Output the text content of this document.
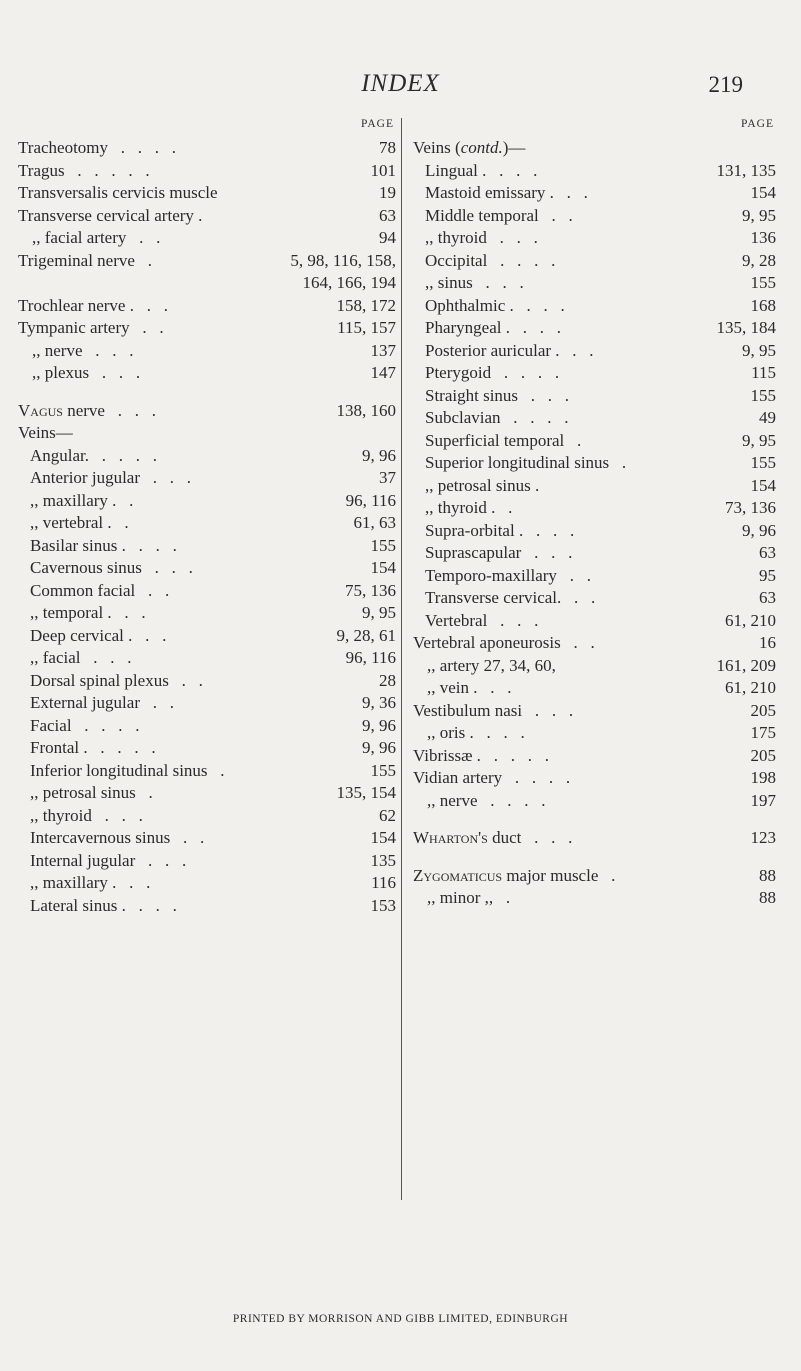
INDEX	219
PAGE
Tracheotomy   .   .   .   .	78
Tragus   .   .   .   .   .	101
Transversalis cervicis muscle	19
Transverse cervical artery .	63
,, facial artery   .   .	94
Trigeminal nerve   .	5, 98, 116, 158,
164, 166, 194
Trochlear nerve .   .   .	158, 172
Tympanic artery   .   .	115, 157
,, nerve   .   .   .	137
,, plexus   .   .   .	147
Vagus nerve   .   .   .	138, 160
Veins—
Angular.   .   .   .   .	9, 96
Anterior jugular   .   .   .	37
,, maxillary .   .	96, 116
,, vertebral .   .	61, 63
Basilar sinus .   .   .   .	155
Cavernous sinus   .   .   .	154
Common facial   .   .	75, 136
,, temporal .   .   .	9, 95
Deep cervical .   .   .	9, 28, 61
,, facial   .   .   .	96, 116
Dorsal spinal plexus   .   .	28
External jugular   .   .	9, 36
Facial   .   .   .   .	9, 96
Frontal .   .   .   .   .	9, 96
Inferior longitudinal sinus   .	155
,, petrosal sinus   .	135, 154
,, thyroid   .   .   .	62
Intercavernous sinus   .   .	154
Internal jugular   .   .   .	135
,, maxillary .   .   .	116
Lateral sinus .   .   .   .	153
PAGE
Veins (contd.)—
Lingual .   .   .   .	131, 135
Mastoid emissary .   .   .	154
Middle temporal   .   .	9, 95
,, thyroid   .   .   .	136
Occipital   .   .   .   .	9, 28
,, sinus   .   .   .	155
Ophthalmic .   .   .   .	168
Pharyngeal .   .   .   .	135, 184
Posterior auricular .   .   .	9, 95
Pterygoid   .   .   .   .	115
Straight sinus   .   .   .	155
Subclavian   .   .   .   .	49
Superficial temporal   .	9, 95
Superior longitudinal sinus   .	155
,, petrosal sinus .	154
,, thyroid .   .	73, 136
Supra-orbital .   .   .   .	9, 96
Suprascapular   .   .   .	63
Temporo-maxillary   .   .	95
Transverse cervical.   .   .	63
Vertebral   .   .   .	61, 210
Vertebral aponeurosis   .   .	16
,, artery 27, 34, 60,	161, 209
,, vein .   .   .	61, 210
Vestibulum nasi   .   .   .	205
,, oris .   .   .   .	175
Vibrissæ .   .   .   .   .	205
Vidian artery   .   .   .   .	198
,, nerve   .   .   .   .	197
Wharton's duct   .   .   .	123
Zygomaticus major muscle   .	88
,, minor ,,   .	88
PRINTED BY MORRISON AND GIBB LIMITED, EDINBURGH
